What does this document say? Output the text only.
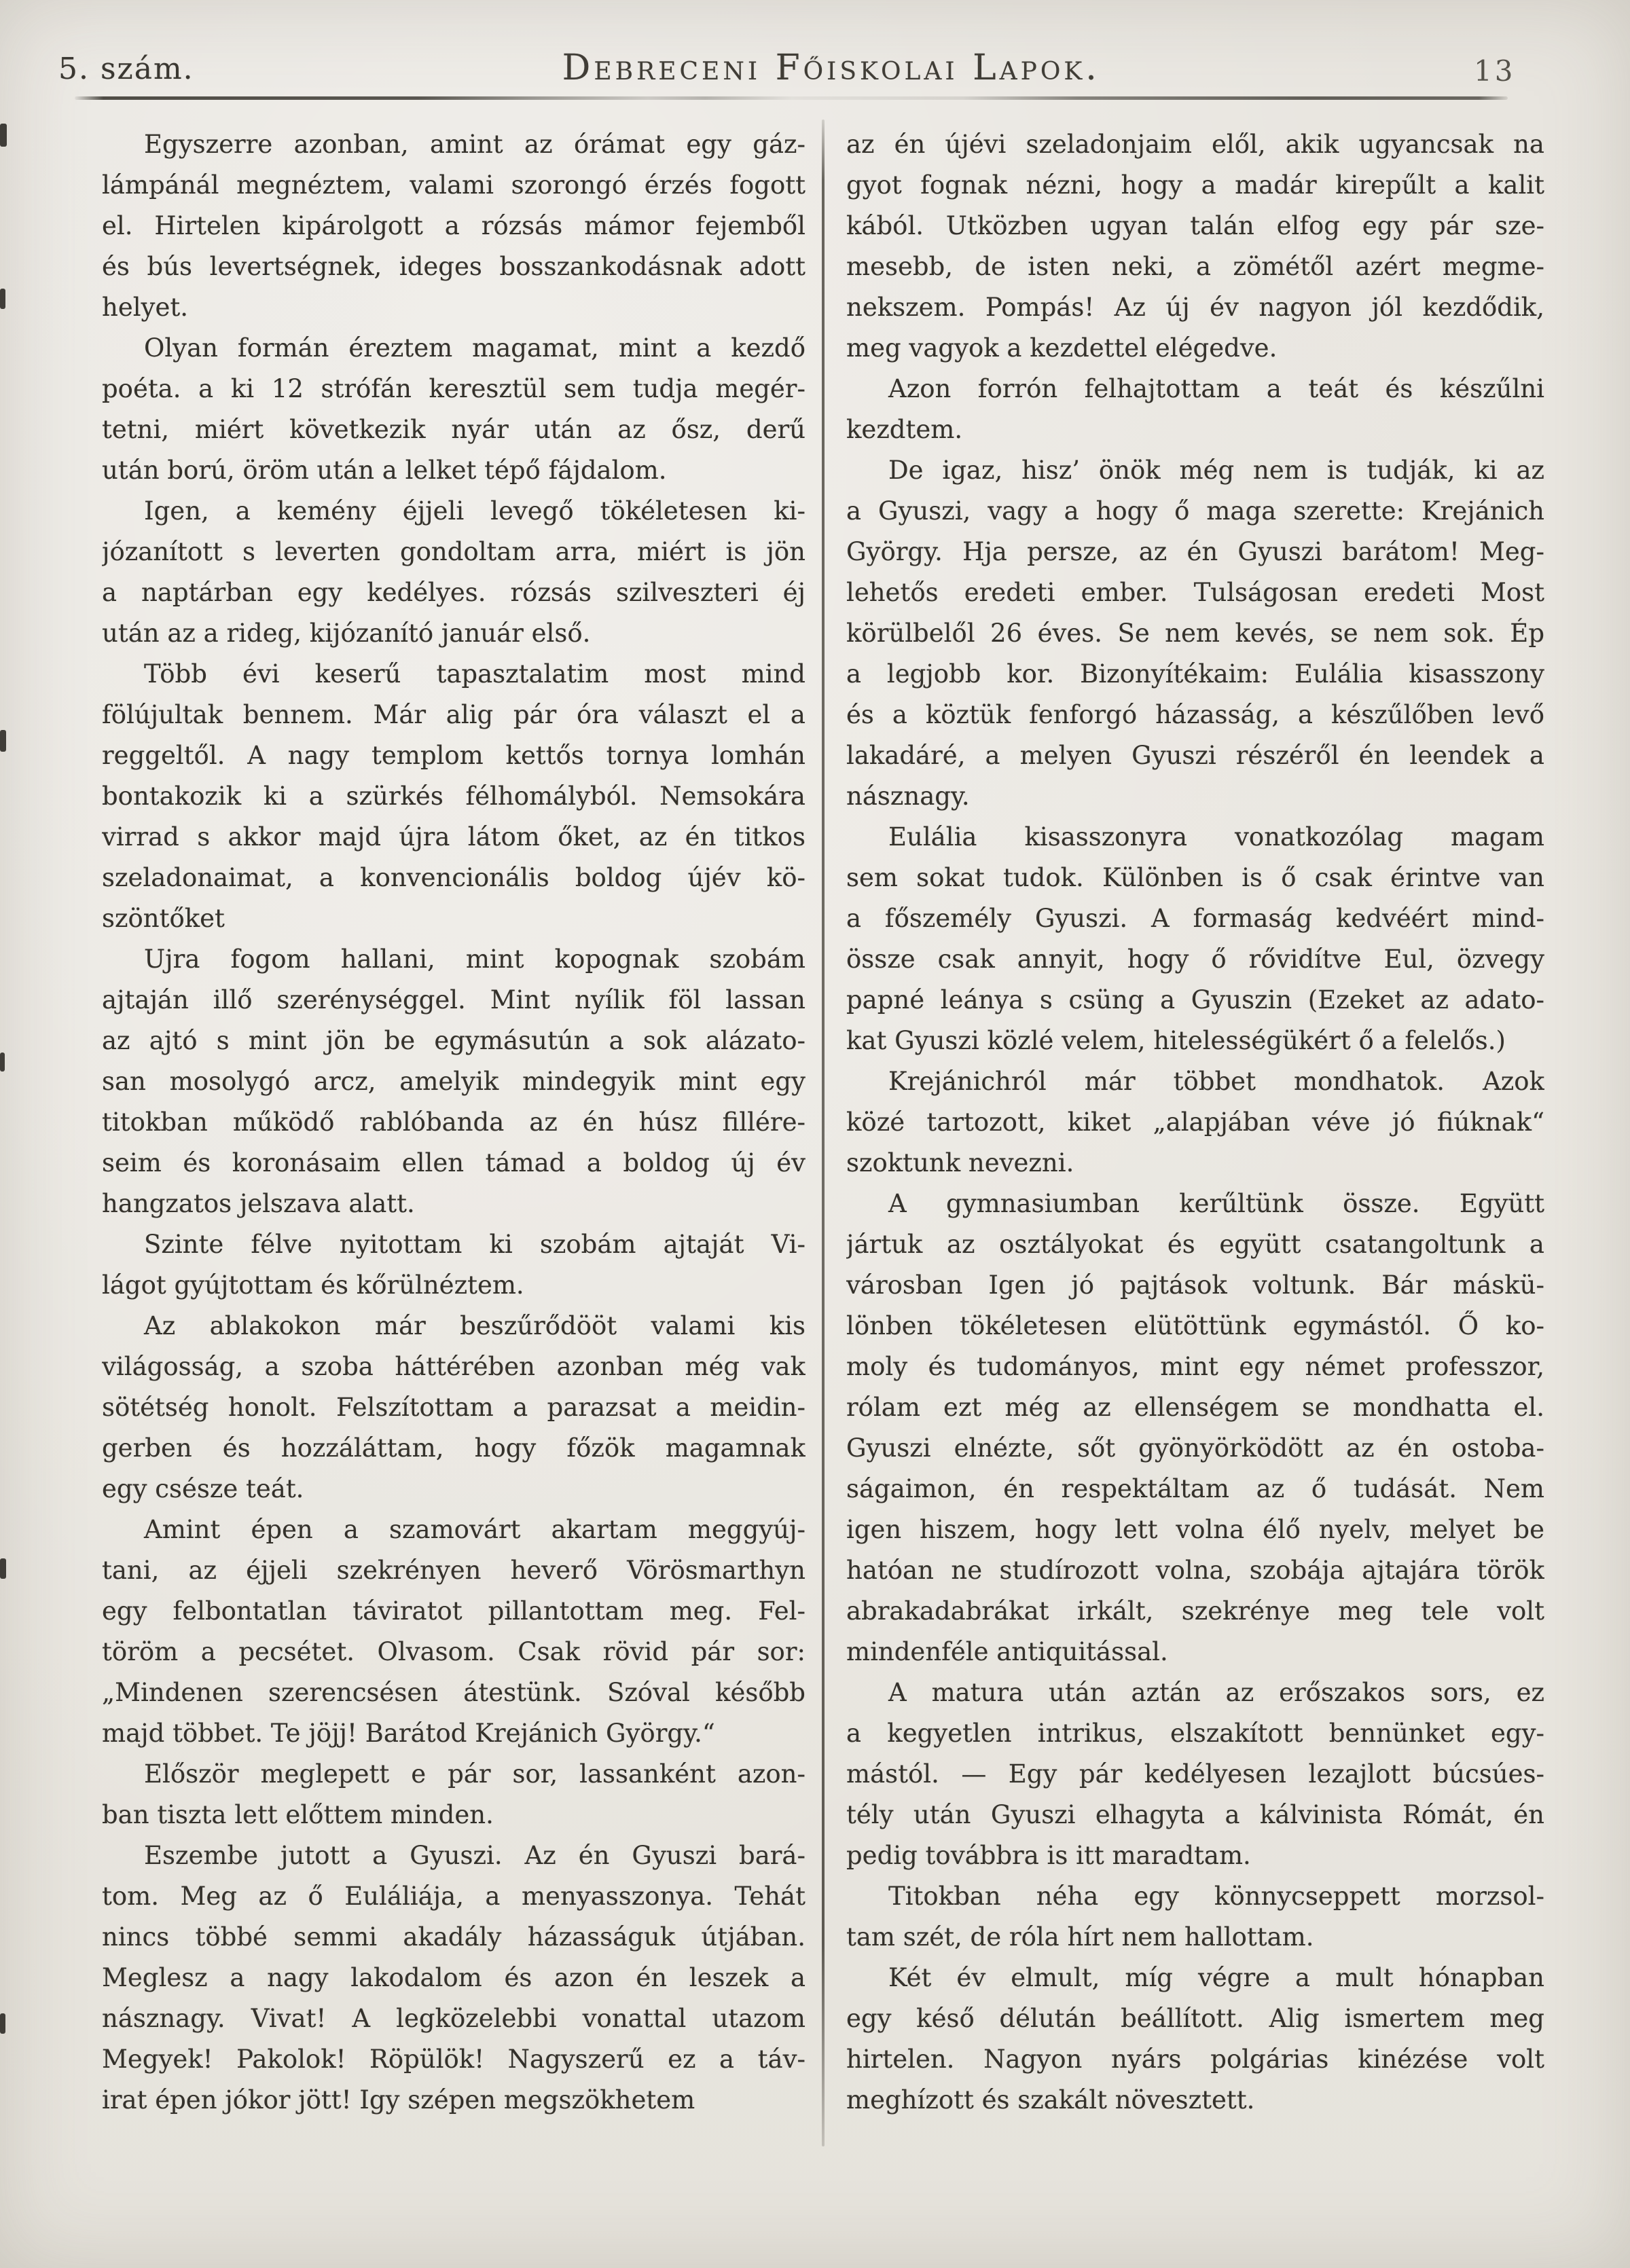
5. szám.	Debreceni Főiskolai Lapok.	13
Egyszerre azonban, amint az órámat egy gáz-
lámpánál megnéztem, valami szorongó érzés fogott
el. Hirtelen kipárolgott a rózsás mámor fejemből
és bús levertségnek, ideges bosszankodásnak adott
helyet.
Olyan formán éreztem magamat, mint a kezdő
poéta. a ki 12 strófán keresztül sem tudja megér-
tetni, miért következik nyár után az ősz, derű
után ború, öröm után a lelket tépő fájdalom.
Igen, a kemény éjjeli levegő tökéletesen ki-
józanított s leverten gondoltam arra, miért is jön
a naptárban egy kedélyes. rózsás szilveszteri éj
után az a rideg, kijózanító január első.
Több évi keserű tapasztalatim most mind
fölújultak bennem. Már alig pár óra választ el a
reggeltől. A nagy templom kettős tornya lomhán
bontakozik ki a szürkés félhomályból. Nemsokára
virrad s akkor majd újra látom őket, az én titkos
szeladonaimat, a konvencionális boldog újév kö-
szöntőket
Ujra fogom hallani, mint kopognak szobám
ajtaján illő szerénységgel. Mint nyílik föl lassan
az ajtó s mint jön be egymásutún a sok alázato-
san mosolygó arcz, amelyik mindegyik mint egy
titokban működő rablóbanda az én húsz fillére-
seim és koronásaim ellen támad a boldog új év
hangzatos jelszava alatt.
Szinte félve nyitottam ki szobám ajtaját Vi-
lágot gyújtottam és kőrülnéztem.
Az ablakokon már beszűrődööt valami kis
világosság, a szoba háttérében azonban még vak
sötétség honolt. Felszítottam a parazsat a meidin-
gerben és hozzáláttam, hogy főzök magamnak
egy csésze teát.
Amint épen a szamovárt akartam meggyúj-
tani, az éjjeli szekrényen heverő Vörösmarthyn
egy felbontatlan táviratot pillantottam meg. Fel-
töröm a pecsétet. Olvasom. Csak rövid pár sor:
„Mindenen szerencsésen átestünk. Szóval később
majd többet. Te jöjj! Barátod Krejánich György.“
Először meglepett e pár sor, lassanként azon-
ban tiszta lett előttem minden.
Eszembe jutott a Gyuszi. Az én Gyuszi bará-
tom. Meg az ő Euláliája, a menyasszonya. Tehát
nincs többé semmi akadály házasságuk útjában.
Meglesz a nagy lakodalom és azon én leszek a
násznagy. Vivat! A legközelebbi vonattal utazom
Megyek! Pakolok! Röpülök! Nagyszerű ez a táv-
irat épen jókor jött! Igy szépen megszökhetem
az én újévi szeladonjaim elől, akik ugyancsak na
gyot fognak nézni, hogy a madár kirepűlt a kalit
kából. Utközben ugyan talán elfog egy pár sze-
mesebb, de isten neki, a zömétől azért megme-
nekszem. Pompás! Az új év nagyon jól kezdődik,
meg vagyok a kezdettel elégedve.
Azon forrón felhajtottam a teát és készűlni
kezdtem.
De igaz, hisz’ önök még nem is tudják, ki az
a Gyuszi, vagy a hogy ő maga szerette: Krejánich
György. Hja persze, az én Gyuszi barátom! Meg-
lehetős eredeti ember. Tulságosan eredeti Most
körülbelől 26 éves. Se nem kevés, se nem sok. Ép
a legjobb kor. Bizonyítékaim: Eulália kisasszony
és a köztük fenforgó házasság, a készűlőben levő
lakadáré, a melyen Gyuszi részéről én leendek a
násznagy.
Eulália kisasszonyra vonatkozólag magam
sem sokat tudok. Különben is ő csak érintve van
a főszemély Gyuszi. A formaság kedvéért mind-
össze csak annyit, hogy ő rővidítve Eul, özvegy
papné leánya s csüng a Gyuszin (Ezeket az adato-
kat Gyuszi közlé velem, hitelességükért ő a felelős.)
Krejánichról már többet mondhatok. Azok
közé tartozott, kiket „alapjában véve jó fiúknak“
szoktunk nevezni.
A gymnasiumban kerűltünk össze. Együtt
jártuk az osztályokat és együtt csatangoltunk a
városban Igen jó pajtások voltunk. Bár máskü-
lönben tökéletesen elütöttünk egymástól. Ő ko-
moly és tudományos, mint egy német professzor,
rólam ezt még az ellenségem se mondhatta el.
Gyuszi elnézte, sőt gyönyörködött az én ostoba-
ságaimon, én respektáltam az ő tudását. Nem
igen hiszem, hogy lett volna élő nyelv, melyet be
hatóan ne studírozott volna, szobája ajtajára török
abrakadabrákat irkált, szekrénye meg tele volt
mindenféle antiquitással.
A matura után aztán az erőszakos sors, ez
a kegyetlen intrikus, elszakított bennünket egy-
mástól. — Egy pár kedélyesen lezajlott búcsúes-
tély után Gyuszi elhagyta a kálvinista Rómát, én
pedig továbbra is itt maradtam.
Titokban néha egy könnycseppett morzsol-
tam szét, de róla hírt nem hallottam.
Két év elmult, míg végre a mult hónapban
egy késő délután beállított. Alig ismertem meg
hirtelen. Nagyon nyárs polgárias kinézése volt
meghízott és szakált növesztett.
